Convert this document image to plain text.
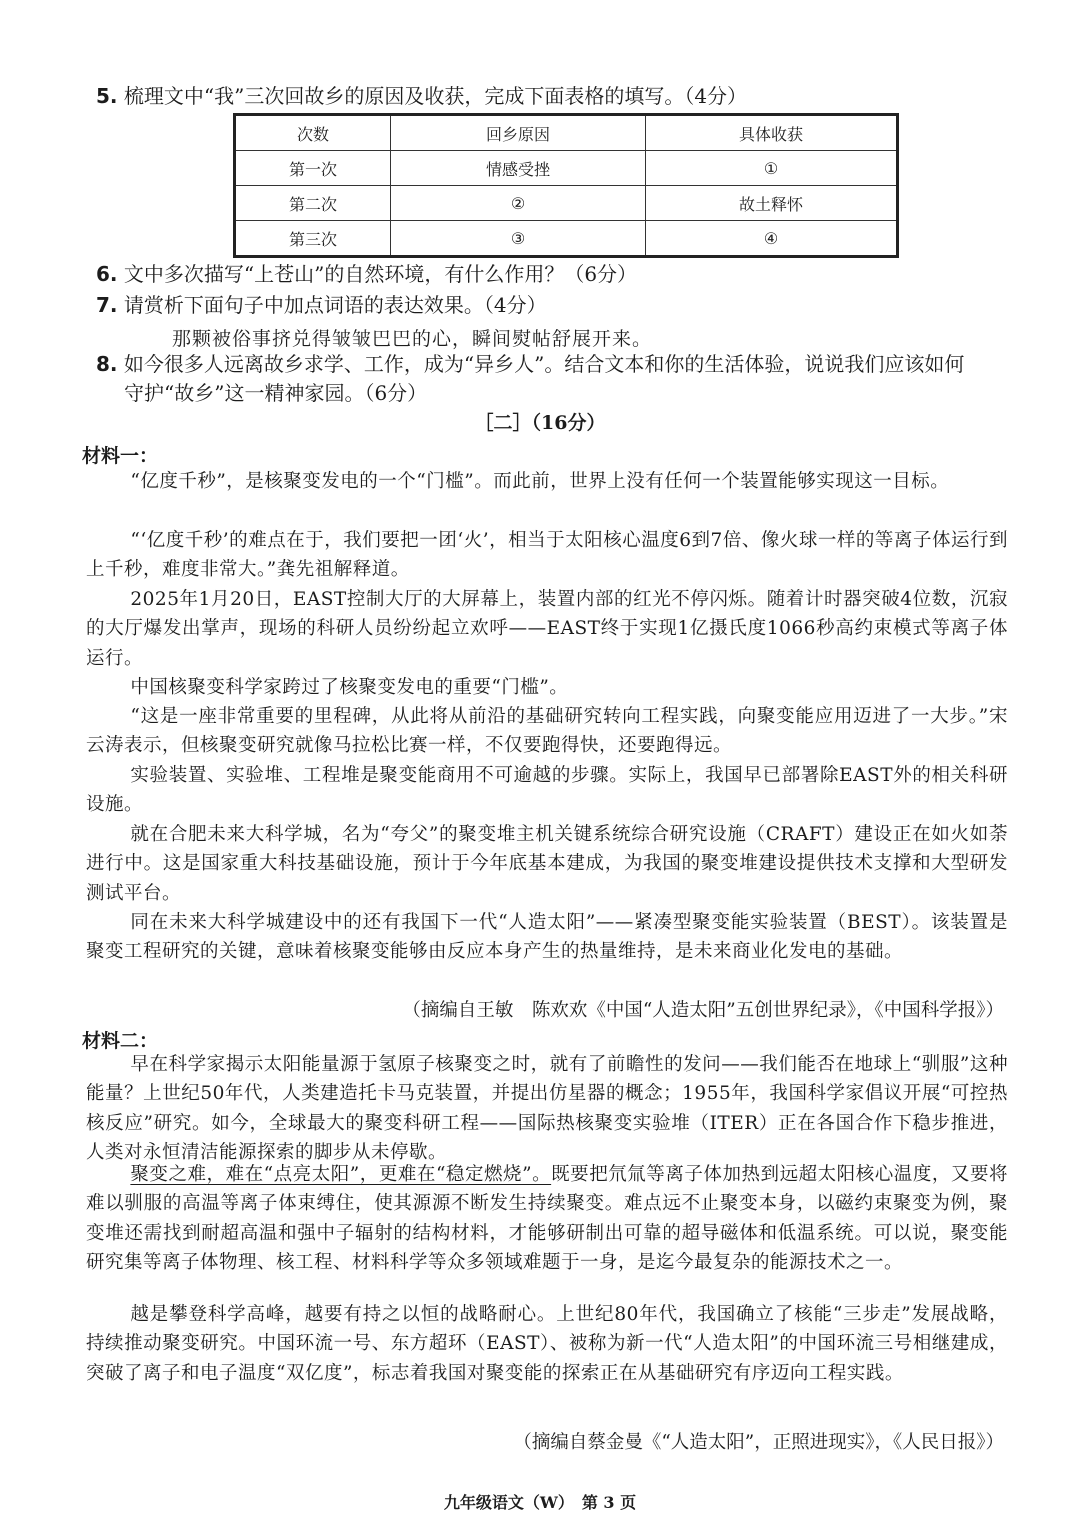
5. 梳理文中“我”三次回故乡的原因及收获，完成下面表格的填写。（4分）
次数	回乡原因	具体收获
第一次	情感受挫	①
第二次	②	故土释怀
第三次	③	④
6. 文中多次描写“上苍山”的自然环境，有什么作用？（6分）
7. 请赏析下面句子中加点词语的表达效果。（4分）
那颗被俗事挤兑得皱皱巴巴的心，瞬间熨帖舒展开来。
8. 如今很多人远离故乡求学、工作，成为“异乡人”。结合文本和你的生活体验，说说我们应该如何
守护“故乡”这一精神家园。（6分）
［二］（16分）
材料一：
“亿度千秒”，是核聚变发电的一个“门槛”。而此前，世界上没有任何一个装置能够实现这一目标。
“‘亿度千秒’的难点在于，我们要把一团‘火’，相当于太阳核心温度6到7倍、像火球一样的等离子体运行到上千秒，难度非常大。”龚先祖解释道。
2025年1月20日，EAST控制大厅的大屏幕上，装置内部的红光不停闪烁。随着计时器突破4位数，沉寂的大厅爆发出掌声，现场的科研人员纷纷起立欢呼——EAST终于实现1亿摄氏度1066秒高约束模式等离子体运行。
中国核聚变科学家跨过了核聚变发电的重要“门槛”。
“这是一座非常重要的里程碑，从此将从前沿的基础研究转向工程实践，向聚变能应用迈进了一大步。”宋云涛表示，但核聚变研究就像马拉松比赛一样，不仅要跑得快，还要跑得远。
实验装置、实验堆、工程堆是聚变能商用不可逾越的步骤。实际上，我国早已部署除EAST外的相关科研设施。
就在合肥未来大科学城，名为“夸父”的聚变堆主机关键系统综合研究设施（CRAFT）建设正在如火如荼进行中。这是国家重大科技基础设施，预计于今年底基本建成，为我国的聚变堆建设提供技术支撑和大型研发测试平台。
同在未来大科学城建设中的还有我国下一代“人造太阳”——紧凑型聚变能实验装置（BEST）。该装置是聚变工程研究的关键，意味着核聚变能够由反应本身产生的热量维持，是未来商业化发电的基础。
（摘编自王敏　陈欢欢《中国“人造太阳”五创世界纪录》，《中国科学报》）
材料二：
早在科学家揭示太阳能量源于氢原子核聚变之时，就有了前瞻性的发问——我们能否在地球上“驯服”这种能量？上世纪50年代，人类建造托卡马克装置，并提出仿星器的概念；1955年，我国科学家倡议开展“可控热核反应”研究。如今，全球最大的聚变科研工程——国际热核聚变实验堆（ITER）正在各国合作下稳步推进，人类对永恒清洁能源探索的脚步从未停歇。
聚变之难，难在“点亮太阳”，更难在“稳定燃烧”。既要把氘氚等离子体加热到远超太阳核心温度，又要将难以驯服的高温等离子体束缚住，使其源源不断发生持续聚变。难点远不止聚变本身，以磁约束聚变为例，聚变堆还需找到耐超高温和强中子辐射的结构材料，才能够研制出可靠的超导磁体和低温系统。可以说，聚变能研究集等离子体物理、核工程、材料科学等众多领域难题于一身，是迄今最复杂的能源技术之一。
越是攀登科学高峰，越要有持之以恒的战略耐心。上世纪80年代，我国确立了核能“三步走”发展战略，持续推动聚变研究。中国环流一号、东方超环（EAST）、被称为新一代“人造太阳”的中国环流三号相继建成，突破了离子和电子温度“双亿度”，标志着我国对聚变能的探索正在从基础研究有序迈向工程实践。
（摘编自蔡金曼《“人造太阳”，正照进现实》，《人民日报》）
九年级语文（W）　第 3 页
